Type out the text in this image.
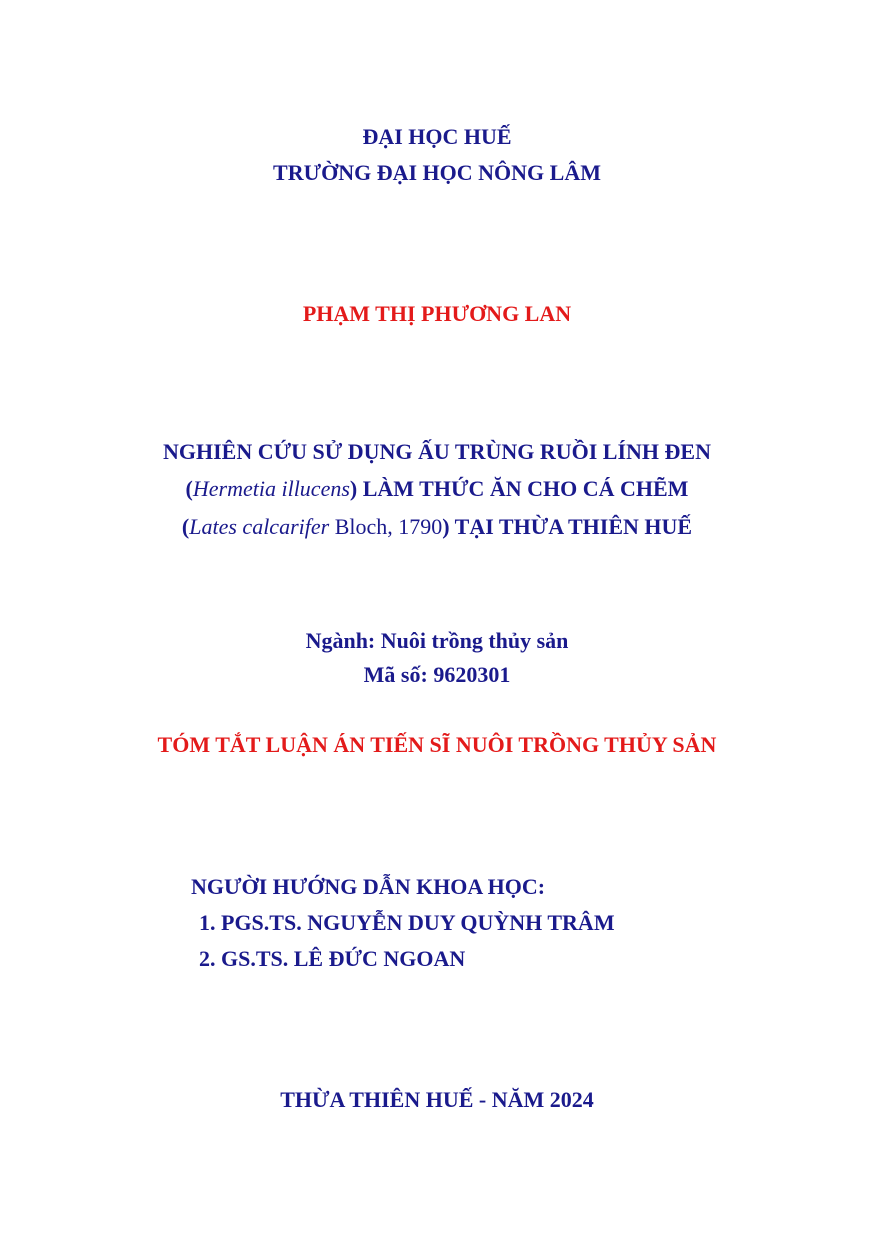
ĐẠI HỌC HUẾ
TRƯỜNG ĐẠI HỌC NÔNG LÂM
PHẠM THỊ PHƯƠNG LAN
NGHIÊN CỨU SỬ DỤNG ẤU TRÙNG RUỒI LÍNH ĐEN
(Hermetia illucens) LÀM THỨC ĂN CHO CÁ CHẼM
(Lates calcarifer Bloch, 1790) TẠI THỪA THIÊN HUẾ
Ngành: Nuôi trồng thủy sản
Mã số: 9620301
TÓM TẮT LUẬN ÁN TIẾN SĨ NUÔI TRỒNG THỦY SẢN
NGƯỜI HƯỚNG DẪN KHOA HỌC:
1. PGS.TS. NGUYỄN DUY QUỲNH TRÂM
2. GS.TS. LÊ ĐỨC NGOAN
THỪA THIÊN HUẾ - NĂM 2024
